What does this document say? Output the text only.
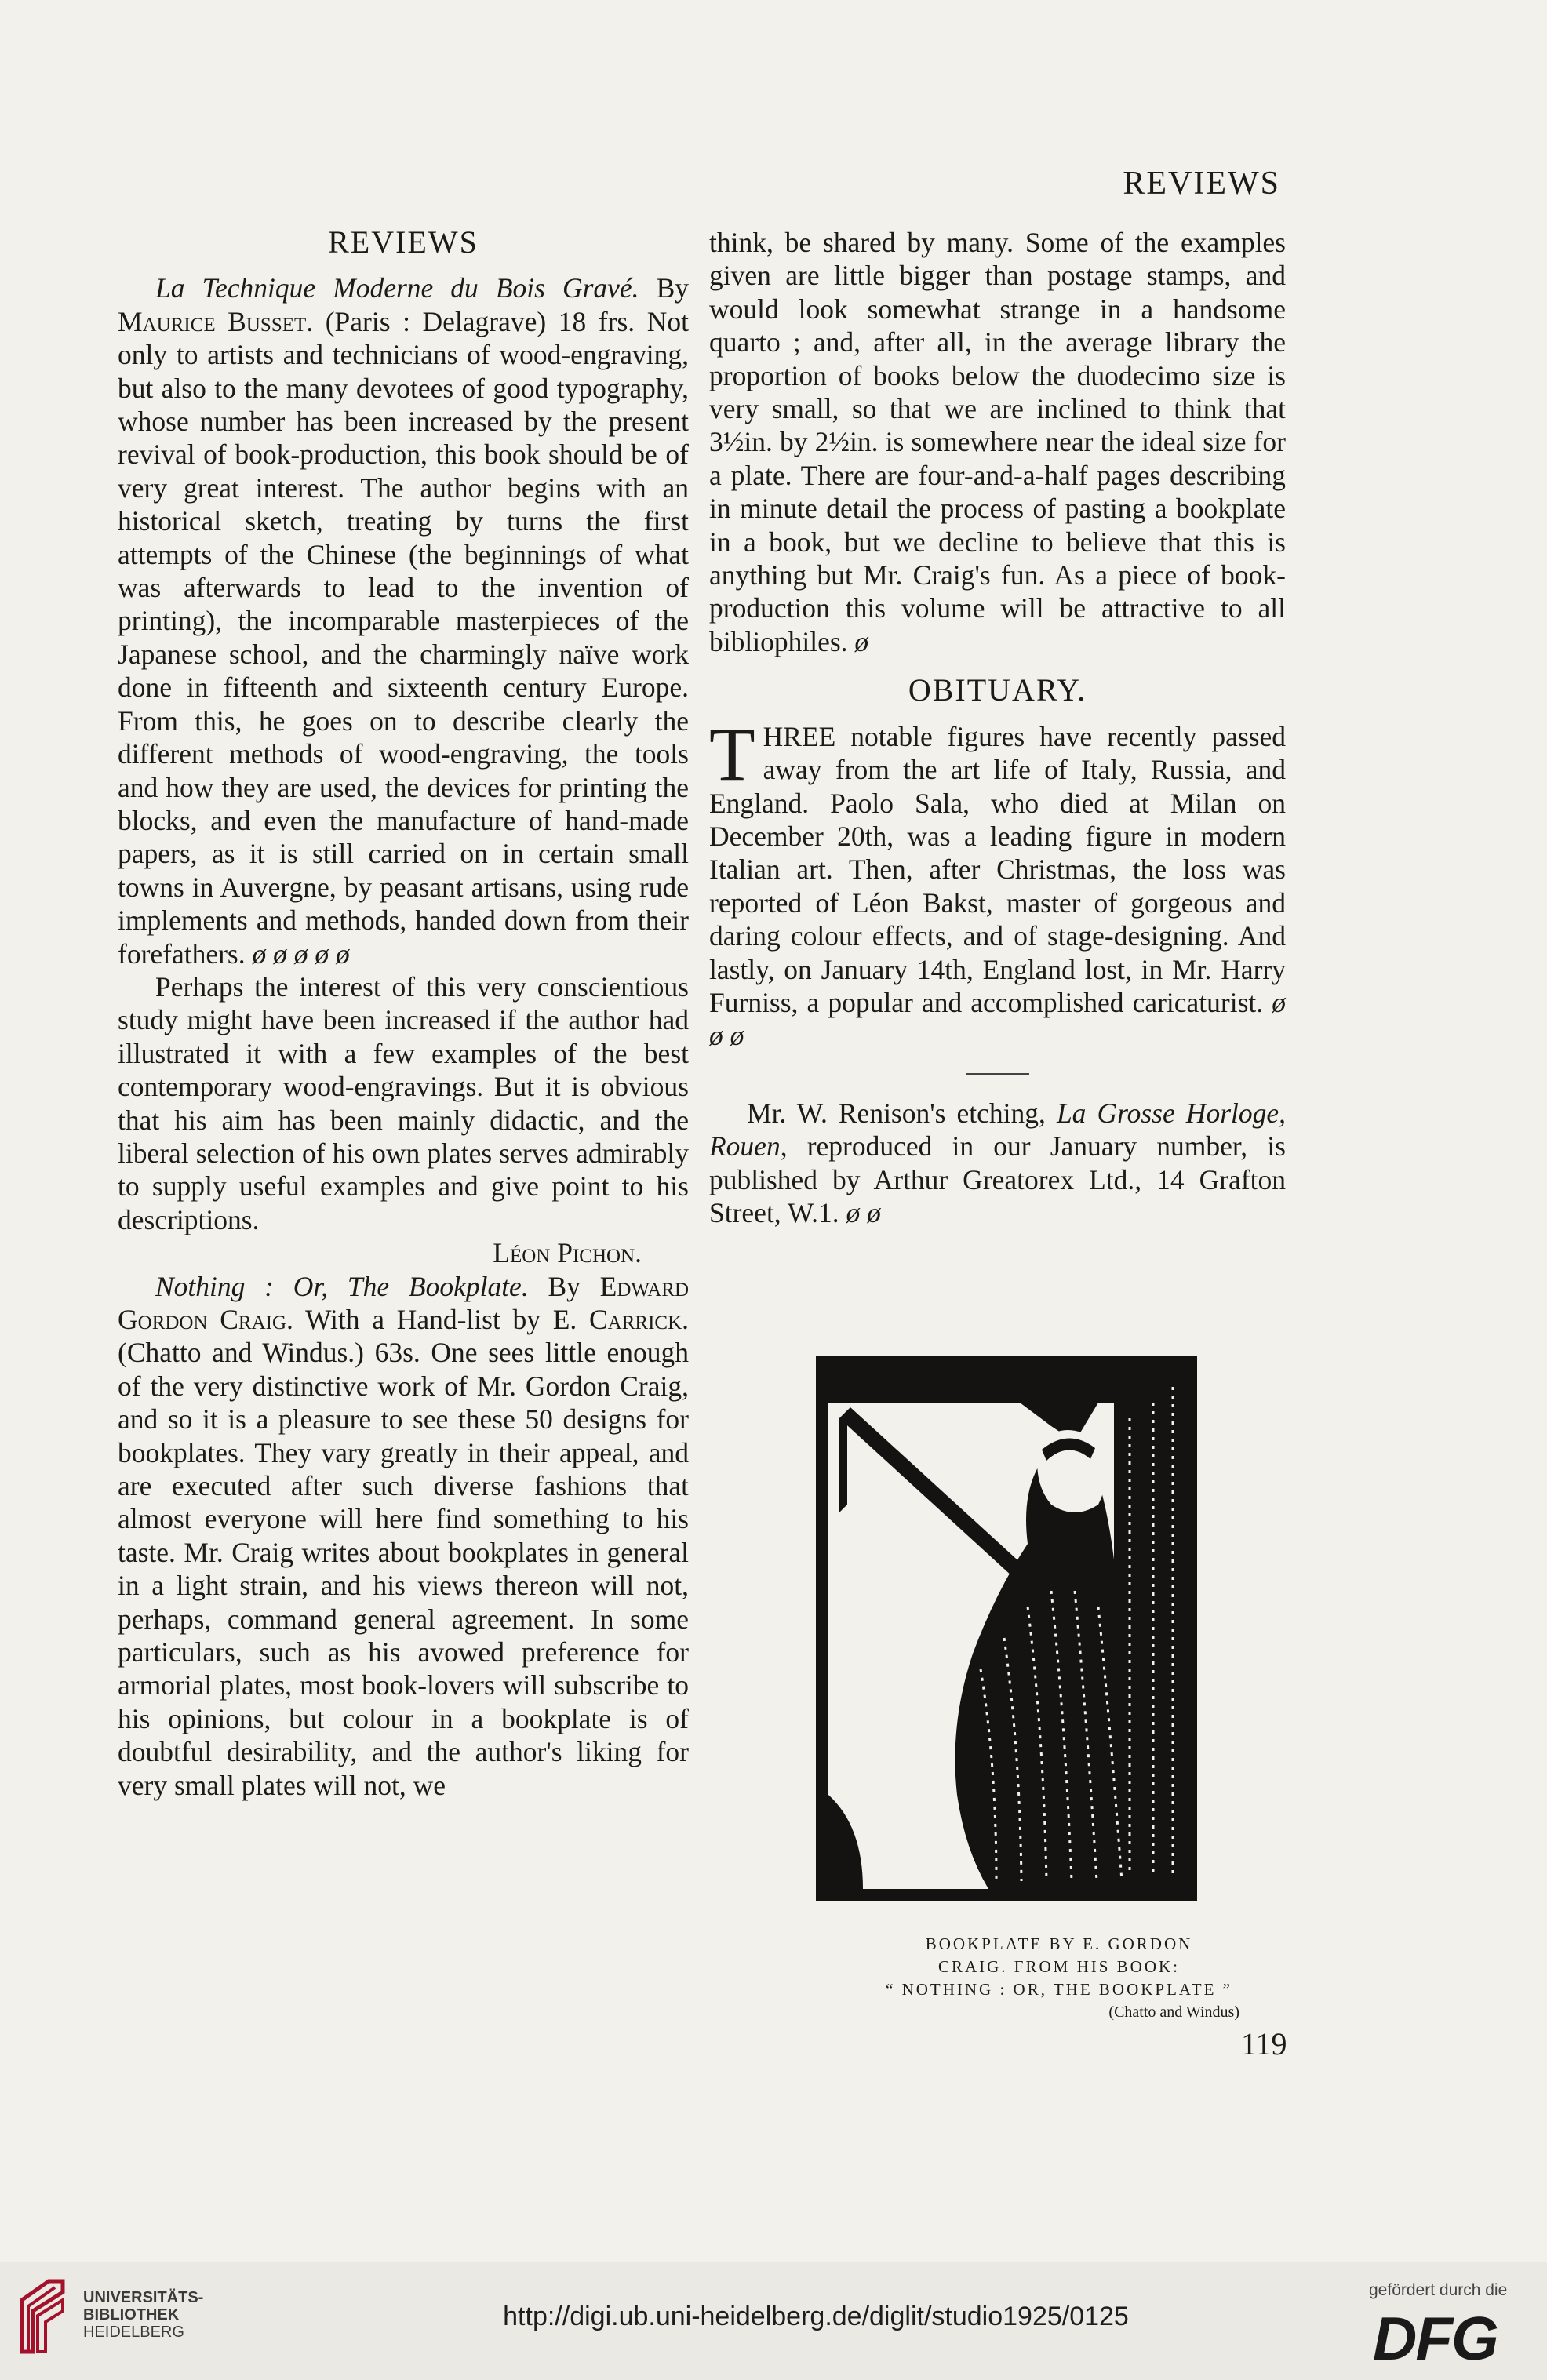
REVIEWS
REVIEWS

La Technique Moderne du Bois Gravé. By Maurice Busset. (Paris : Delagrave) 18 frs. Not only to artists and technicians of wood-engraving, but also to the many devotees of good typography, whose number has been increased by the present revival of book-production, this book should be of very great interest. The author begins with an historical sketch, treating by turns the first attempts of the Chinese (the beginnings of what was afterwards to lead to the invention of printing), the incomparable masterpieces of the Japanese school, and the charmingly naïve work done in fifteenth and sixteenth century Europe. From this, he goes on to describe clearly the different methods of wood-engraving, the tools and how they are used, the devices for printing the blocks, and even the manufacture of hand-made papers, as it is still carried on in certain small towns in Auvergne, by peasant artisans, using rude implements and methods, handed down from their forefathers. ø ø ø ø ø

Perhaps the interest of this very conscientious study might have been increased if the author had illustrated it with a few examples of the best contemporary wood-engravings. But it is obvious that his aim has been mainly didactic, and the liberal selection of his own plates serves admirably to supply useful examples and give point to his descriptions.
Léon Pichon.

Nothing : Or, The Bookplate. By Edward Gordon Craig. With a Hand-list by E. Carrick. (Chatto and Windus.) 63s. One sees little enough of the very distinctive work of Mr. Gordon Craig, and so it is a pleasure to see these 50 designs for bookplates. They vary greatly in their appeal, and are executed after such diverse fashions that almost everyone will here find something to his taste. Mr. Craig writes about bookplates in general in a light strain, and his views thereon will not, perhaps, command general agreement. In some particulars, such as his avowed preference for armorial plates, most book-lovers will subscribe to his opinions, but colour in a bookplate is of doubtful desirability, and the author's liking for very small plates will not, we

think, be shared by many. Some of the examples given are little bigger than postage stamps, and would look somewhat strange in a handsome quarto ; and, after all, in the average library the proportion of books below the duodecimo size is very small, so that we are inclined to think that 3½in. by 2½in. is somewhere near the ideal size for a plate. There are four-and-a-half pages describing in minute detail the process of pasting a bookplate in a book, but we decline to believe that this is anything but Mr. Craig's fun. As a piece of book-production this volume will be attractive to all bibliophiles. ø

OBITUARY.

THREE notable figures have recently passed away from the art life of Italy, Russia, and England. Paolo Sala, who died at Milan on December 20th, was a leading figure in modern Italian art. Then, after Christmas, the loss was reported of Léon Bakst, master of gorgeous and daring colour effects, and of stage-designing. And lastly, on January 14th, England lost, in Mr. Harry Furniss, a popular and accomplished caricaturist. ø ø ø

Mr. W. Renison's etching, La Grosse Horloge, Rouen, reproduced in our January number, is published by Arthur Greatorex Ltd., 14 Grafton Street, W.1. ø ø

BOOKPLATE BY E. GORDON
CRAIG. FROM HIS BOOK:
“ NOTHING : OR, THE BOOKPLATE ”
(Chatto and Windus)
119
UNIVERSITÄTS-
BIBLIOTHEK
HEIDELBERG
http://digi.ub.uni-heidelberg.de/diglit/studio1925/0125
gefördert durch die
DFG
